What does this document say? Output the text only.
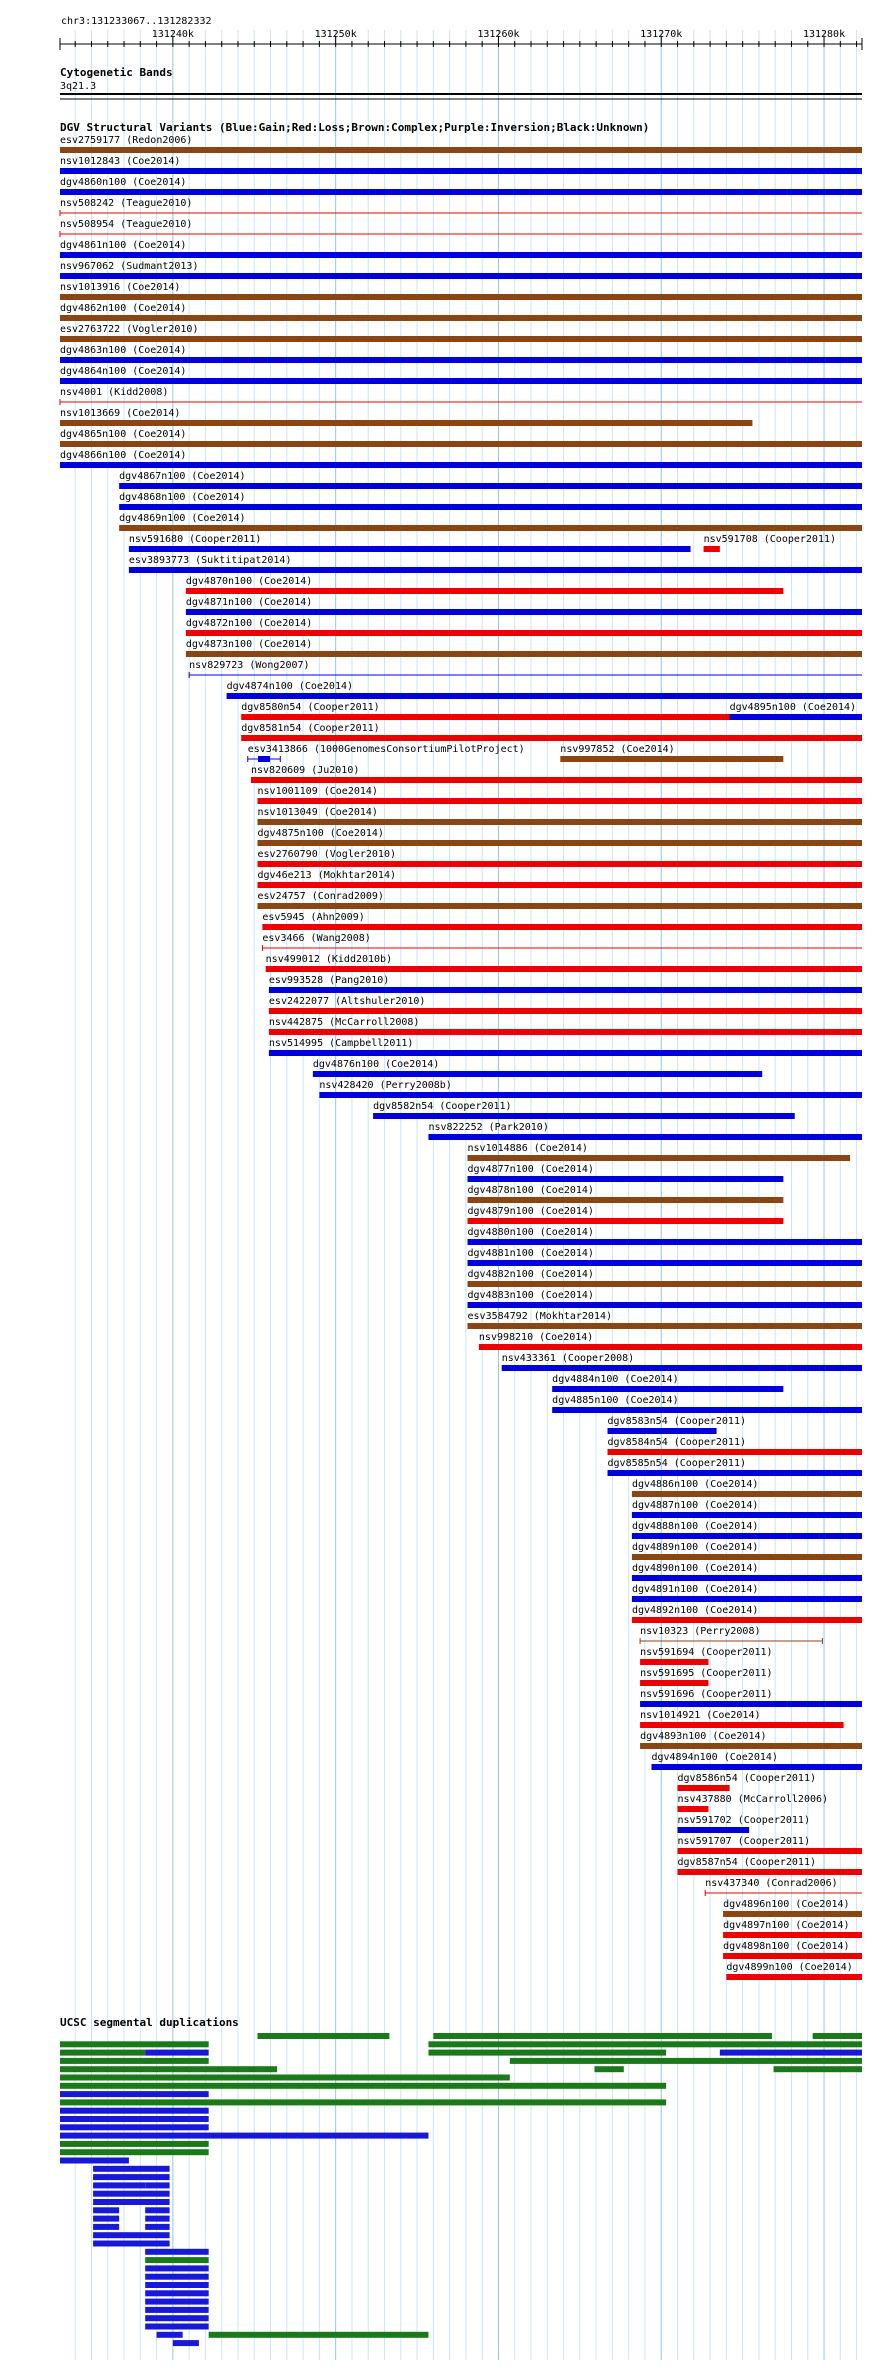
chr3:131233067..131282332
131240k	131250k	131260k	131270k	131280k
Cytogenetic Bands
3q21.3
DGV Structural Variants (Blue:Gain;Red:Loss;Brown:Complex;Purple:Inversion;Black:Unknown)
esv2759177 (Redon2006)
nsv1012843 (Coe2014)
dgv4860n100 (Coe2014)
nsv508242 (Teague2010)
nsv508954 (Teague2010)
dgv4861n100 (Coe2014)
nsv967062 (Sudmant2013)
nsv1013916 (Coe2014)
dgv4862n100 (Coe2014)
esv2763722 (Vogler2010)
dgv4863n100 (Coe2014)
dgv4864n100 (Coe2014)
nsv4001 (Kidd2008)
nsv1013669 (Coe2014)
dgv4865n100 (Coe2014)
dgv4866n100 (Coe2014)
dgv4867n100 (Coe2014)
dgv4868n100 (Coe2014)
dgv4869n100 (Coe2014)
nsv591680 (Cooper2011)	nsv591708 (Cooper2011)
esv3893773 (Suktitipat2014)
dgv4870n100 (Coe2014)
dgv4871n100 (Coe2014)
dgv4872n100 (Coe2014)
dgv4873n100 (Coe2014)
nsv829723 (Wong2007)
dgv4874n100 (Coe2014)
dgv8580n54 (Cooper2011)	dgv4895n100 (Coe2014)
dgv8581n54 (Cooper2011)
esv3413866 (1000GenomesConsortiumPilotProject)	nsv997852 (Coe2014)
nsv820609 (Ju2010)
nsv1001109 (Coe2014)
nsv1013049 (Coe2014)
dgv4875n100 (Coe2014)
esv2760790 (Vogler2010)
dgv46e213 (Mokhtar2014)
esv24757 (Conrad2009)
esv5945 (Ahn2009)
esv3466 (Wang2008)
nsv499012 (Kidd2010b)
esv993528 (Pang2010)
esv2422077 (Altshuler2010)
nsv442875 (McCarroll2008)
nsv514995 (Campbell2011)
dgv4876n100 (Coe2014)
nsv428420 (Perry2008b)
dgv8582n54 (Cooper2011)
nsv822252 (Park2010)
nsv1014886 (Coe2014)
dgv4877n100 (Coe2014)
dgv4878n100 (Coe2014)
dgv4879n100 (Coe2014)
dgv4880n100 (Coe2014)
dgv4881n100 (Coe2014)
dgv4882n100 (Coe2014)
dgv4883n100 (Coe2014)
esv3584792 (Mokhtar2014)
nsv998210 (Coe2014)
nsv433361 (Cooper2008)
dgv4884n100 (Coe2014)
dgv4885n100 (Coe2014)
dgv8583n54 (Cooper2011)
dgv8584n54 (Cooper2011)
dgv8585n54 (Cooper2011)
dgv4886n100 (Coe2014)
dgv4887n100 (Coe2014)
dgv4888n100 (Coe2014)
dgv4889n100 (Coe2014)
dgv4890n100 (Coe2014)
dgv4891n100 (Coe2014)
dgv4892n100 (Coe2014)
nsv10323 (Perry2008)
nsv591694 (Cooper2011)
nsv591695 (Cooper2011)
nsv591696 (Cooper2011)
nsv1014921 (Coe2014)
dgv4893n100 (Coe2014)
dgv4894n100 (Coe2014)
dgv8586n54 (Cooper2011)
nsv437880 (McCarroll2006)
nsv591702 (Cooper2011)
nsv591707 (Cooper2011)
dgv8587n54 (Cooper2011)
nsv437340 (Conrad2006)
dgv4896n100 (Coe2014)
dgv4897n100 (Coe2014)
dgv4898n100 (Coe2014)
dgv4899n100 (Coe2014)
UCSC segmental duplications
